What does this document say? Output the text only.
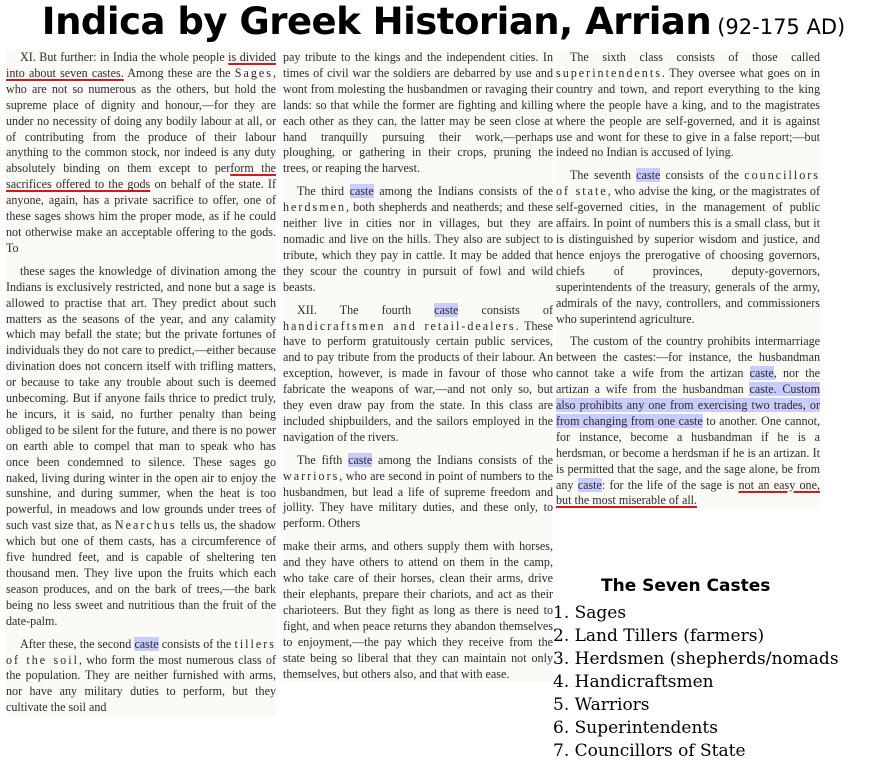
Indica by Greek Historian, Arrian (92-175 AD)

XI. But further: in India the whole people is divided into about seven castes. Among these are the Sages, who are not so numerous as the others, but hold the supreme place of dignity and honour,—for they are under no necessity of doing any bodily labour at all, or of contributing from the produce of their labour anything to the common stock, nor indeed is any duty absolutely binding on them except to perform the sacrifices offered to the gods on behalf of the state. If anyone, again, has a private sacrifice to offer, one of these sages shows him the proper mode, as if he could not otherwise make an acceptable offering to the gods. To

these sages the knowledge of divination among the Indians is exclusively restricted, and none but a sage is allowed to practise that art. They predict about such matters as the seasons of the year, and any calamity which may befall the state; but the private fortunes of individuals they do not care to predict,—either because divination does not concern itself with trifling matters, or because to take any trouble about such is deemed unbecoming. But if anyone fails thrice to predict truly, he incurs, it is said, no further penalty than being obliged to be silent for the future, and there is no power on earth able to compel that man to speak who has once been condemned to silence. These sages go naked, living during winter in the open air to enjoy the sunshine, and during summer, when the heat is too powerful, in meadows and low grounds under trees of such vast size that, as Nearchus tells us, the shadow which but one of them casts, has a circumference of five hundred feet, and is capable of sheltering ten thousand men. They live upon the fruits which each season produces, and on the bark of trees,—the bark being no less sweet and nutritious than the fruit of the date-palm.

After these, the second caste consists of the tillers of the soil, who form the most numerous class of the population. They are neither furnished with arms, nor have any military duties to perform, but they cultivate the soil and

pay tribute to the kings and the independent cities. In times of civil war the soldiers are debarred by use and wont from molesting the husbandmen or ravaging their lands: so that while the former are fighting and killing each other as they can, the latter may be seen close at hand tranquilly pursuing their work,—perhaps ploughing, or gathering in their crops, pruning the trees, or reaping the harvest.

The third caste among the Indians consists of the herdsmen, both shepherds and neatherds; and these neither live in cities nor in villages, but they are nomadic and live on the hills. They also are subject to tribute, which they pay in cattle. It may be added that they scour the country in pursuit of fowl and wild beasts.

XII. The fourth caste consists of handicraftsmen and retail-dealers. These have to perform gratuitously certain public services, and to pay tribute from the products of their labour. An exception, however, is made in favour of those who fabricate the weapons of war,—and not only so, but they even draw pay from the state. In this class are included shipbuilders, and the sailors employed in the navigation of the rivers.

The fifth caste among the Indians consists of the warriors, who are second in point of numbers to the husbandmen, but lead a life of supreme freedom and jollity. They have military duties, and these only, to perform. Others

make their arms, and others supply them with horses, and they have others to attend on them in the camp, who take care of their horses, clean their arms, drive their elephants, prepare their chariots, and act as their charioteers. But they fight as long as there is need to fight, and when peace returns they abandon themselves to enjoyment,—the pay which they receive from the state being so liberal that they can maintain not only themselves, but others also, and that with ease.

The sixth class consists of those called superintendents. They oversee what goes on in country and town, and report everything to the king where the people have a king, and to the magistrates where the people are self-governed, and it is against use and wont for these to give in a false report;—but indeed no Indian is accused of lying.

The seventh caste consists of the councillors of state, who advise the king, or the magistrates of self-governed cities, in the management of public affairs. In point of numbers this is a small class, but it is distinguished by superior wisdom and justice, and hence enjoys the prerogative of choosing governors, chiefs of provinces, deputy-governors, superintendents of the treasury, generals of the army, admirals of the navy, controllers, and commissioners who superintend agriculture.

The custom of the country prohibits intermarriage between the castes:—for instance, the husbandman cannot take a wife from the artizan caste, nor the artizan a wife from the husbandman caste. Custom also prohibits any one from exercising two trades, or from changing from one caste to another. One cannot, for instance, become a husbandman if he is a herdsman, or become a herdsman if he is an artizan. It is permitted that the sage, and the sage alone, be from any caste: for the life of the sage is not an easy one, but the most miserable of all.

The Seven Castes
1. Sages
2. Land Tillers (farmers)
3. Herdsmen (shepherds/nomads
4. Handicraftsmen
5. Warriors
6. Superintendents
7. Councillors of State
